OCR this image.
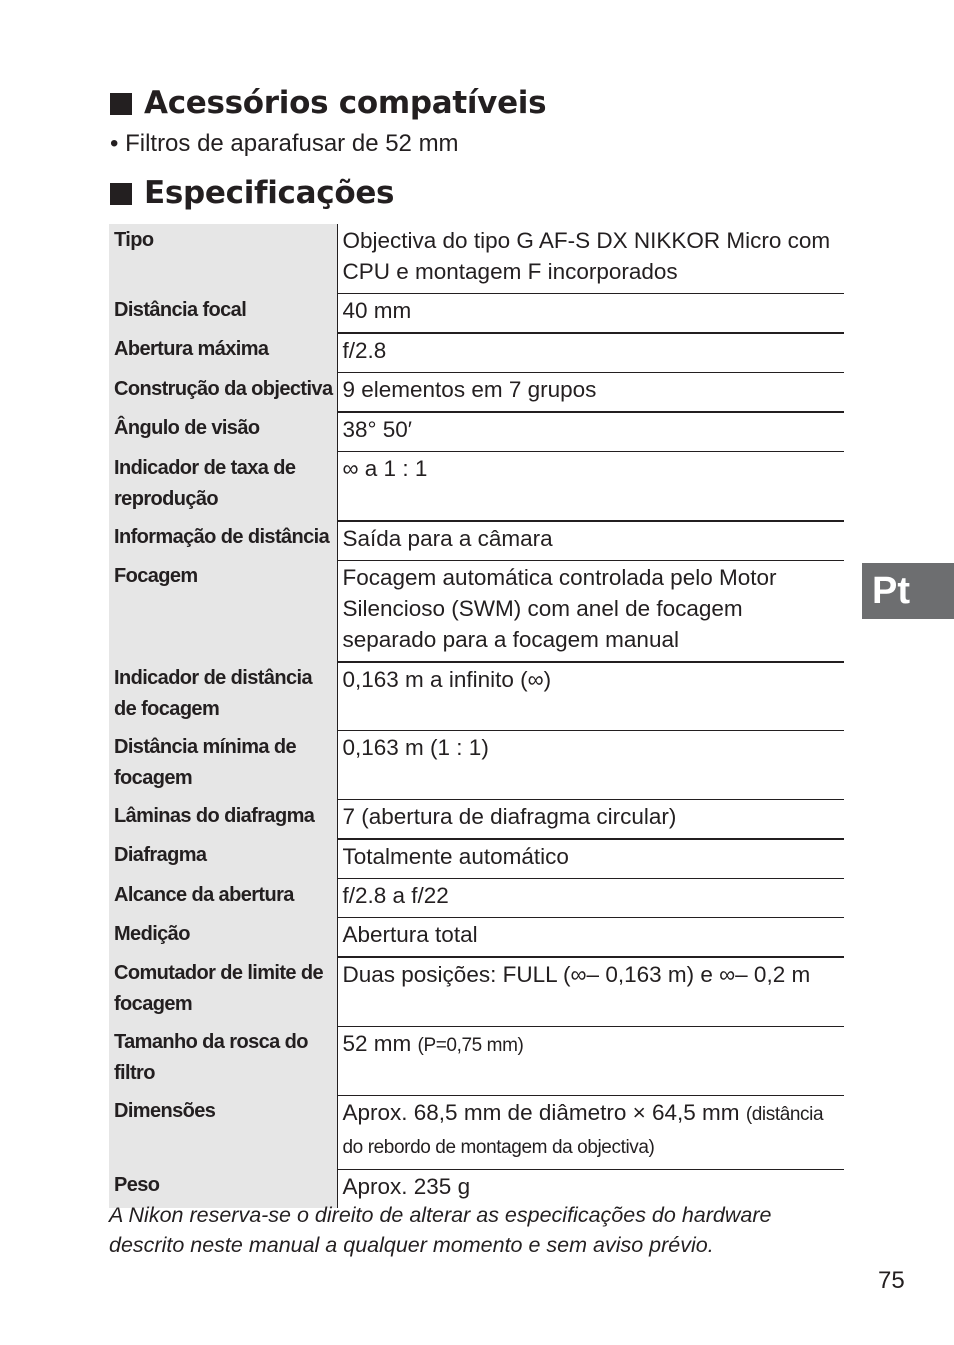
Acessórios compatíveis
• Filtros de aparafusar de 52 mm
Especificações
Tipo	Objectiva do tipo G AF-S DX NIKKOR Micro com CPU e montagem F incorporados
Distância focal	40 mm
Abertura máxima	f/2.8
Construção da objectiva	9 elementos em 7 grupos
Ângulo de visão	38° 50′
Indicador de taxa de reprodução	∞ a 1 : 1
Informação de distância	Saída para a câmara
Focagem	Focagem automática controlada pelo Motor Silencioso (SWM) com anel de focagem separado para a focagem manual
Indicador de distância de focagem	0,163 m a infinito (∞)
Distância mínima de focagem	0,163 m (1 : 1)
Lâminas do diafragma	7 (abertura de diafragma circular)
Diafragma	Totalmente automático
Alcance da abertura	f/2.8 a f/22
Medição	Abertura total
Comutador de limite de focagem	Duas posições: FULL (∞– 0,163 m) e ∞– 0,2 m
Tamanho da rosca do filtro	52 mm (P=0,75 mm)
Dimensões	Aprox. 68,5 mm de diâmetro × 64,5 mm (distância do rebordo de montagem da objectiva)
Peso	Aprox. 235 g
A Nikon reserva-se o direito de alterar as especificações do hardware descrito neste manual a qualquer momento e sem aviso prévio.
Pt
75
